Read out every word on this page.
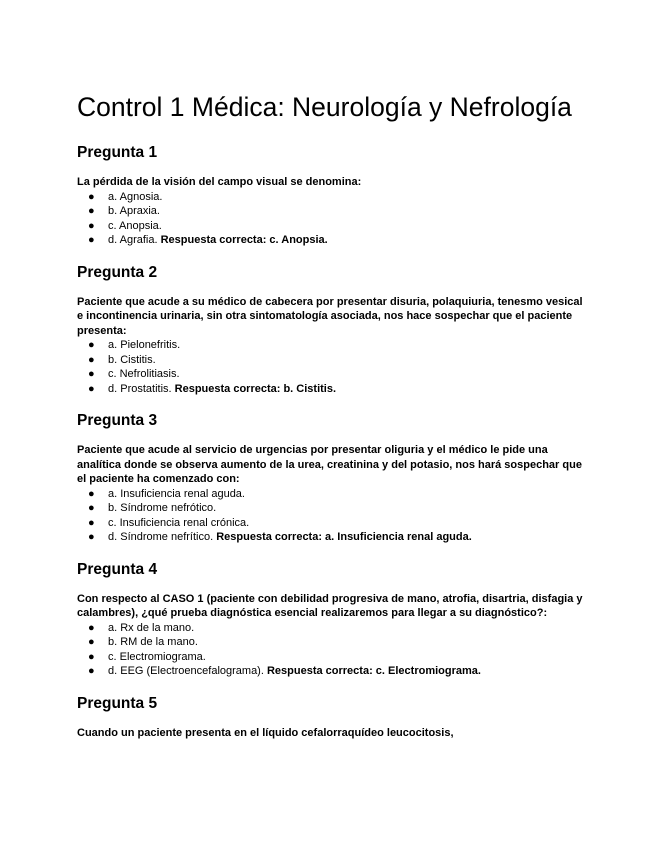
Control 1 Médica: Neurología y Nefrología
Pregunta 1

La pérdida de la visión del campo visual se denomina:

● a. Agnosia.
● b. Apraxia.
● c. Anopsia.
● d. Agrafia. Respuesta correcta: c. Anopsia.
Pregunta 2

Paciente que acude a su médico de cabecera por presentar disuria, polaquiuria, tenesmo vesical e incontinencia urinaria, sin otra sintomatología asociada, nos hace sospechar que el paciente presenta:

● a. Pielonefritis.
● b. Cistitis.
● c. Nefrolitiasis.
● d. Prostatitis. Respuesta correcta: b. Cistitis.
Pregunta 3

Paciente que acude al servicio de urgencias por presentar oliguria y el médico le pide una analítica donde se observa aumento de la urea, creatinina y del potasio, nos hará sospechar que el paciente ha comenzado con:

● a. Insuficiencia renal aguda.
● b. Síndrome nefrótico.
● c. Insuficiencia renal crónica.
● d. Síndrome nefrítico. Respuesta correcta: a. Insuficiencia renal aguda.
Pregunta 4

Con respecto al CASO 1 (paciente con debilidad progresiva de mano, atrofia, disartria, disfagia y calambres), ¿qué prueba diagnóstica esencial realizaremos para llegar a su diagnóstico?:

● a. Rx de la mano.
● b. RM de la mano.
● c. Electromiograma.
● d. EEG (Electroencefalograma). Respuesta correcta: c. Electromiograma.
Pregunta 5

Cuando un paciente presenta en el líquido cefalorraquídeo leucocitosis,
